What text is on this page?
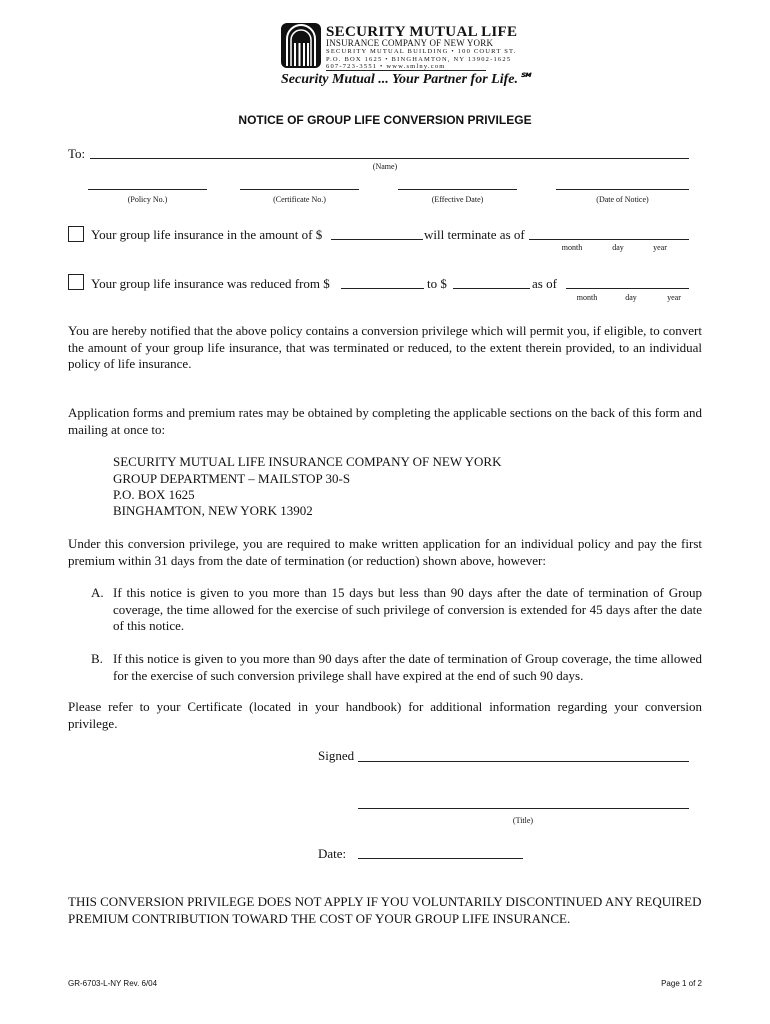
SECURITY MUTUAL LIFE
INSURANCE COMPANY OF NEW YORK
SECURITY MUTUAL BUILDING • 100 COURT ST.
P.O. BOX 1625 • BINGHAMTON, NY 13902-1625
607-723-3551 • www.smlny.com
Security Mutual ... Your Partner for Life.℠
NOTICE OF GROUP LIFE CONVERSION PRIVILEGE
To:
(Name)
(Policy No.)	(Certificate No.)	(Effective Date)	(Date of Notice)
Your group life insurance in the amount of $	will terminate as of
month	day	year
Your group life insurance was reduced from $	to $	as of
month	day	year
You are hereby notified that the above policy contains a conversion privilege which will permit you, if eligible, to convert the amount of your group life insurance, that was terminated or reduced, to the extent therein provided, to an individual policy of life insurance.
Application forms and premium rates may be obtained by completing the applicable sections on the back of this form and mailing at once to:
SECURITY MUTUAL LIFE INSURANCE COMPANY OF NEW YORK
GROUP DEPARTMENT – MAILSTOP 30-S
P.O. BOX 1625
BINGHAMTON, NEW YORK 13902
Under this conversion privilege, you are required to make written application for an individual policy and pay the first premium within 31 days from the date of termination (or reduction) shown above, however:
A. If this notice is given to you more than 15 days but less than 90 days after the date of termination of Group coverage, the time allowed for the exercise of such privilege of conversion is extended for 45 days after the date of this notice.
B. If this notice is given to you more than 90 days after the date of termination of Group coverage, the time allowed for the exercise of such conversion privilege shall have expired at the end of such 90 days.
Please refer to your Certificate (located in your handbook) for additional information regarding your conversion privilege.
Signed
(Title)
Date:
THIS CONVERSION PRIVILEGE DOES NOT APPLY IF YOU VOLUNTARILY DISCONTINUED ANY REQUIRED PREMIUM CONTRIBUTION TOWARD THE COST OF YOUR GROUP LIFE INSURANCE.
GR-6703-L-NY Rev. 6/04	Page 1 of 2
